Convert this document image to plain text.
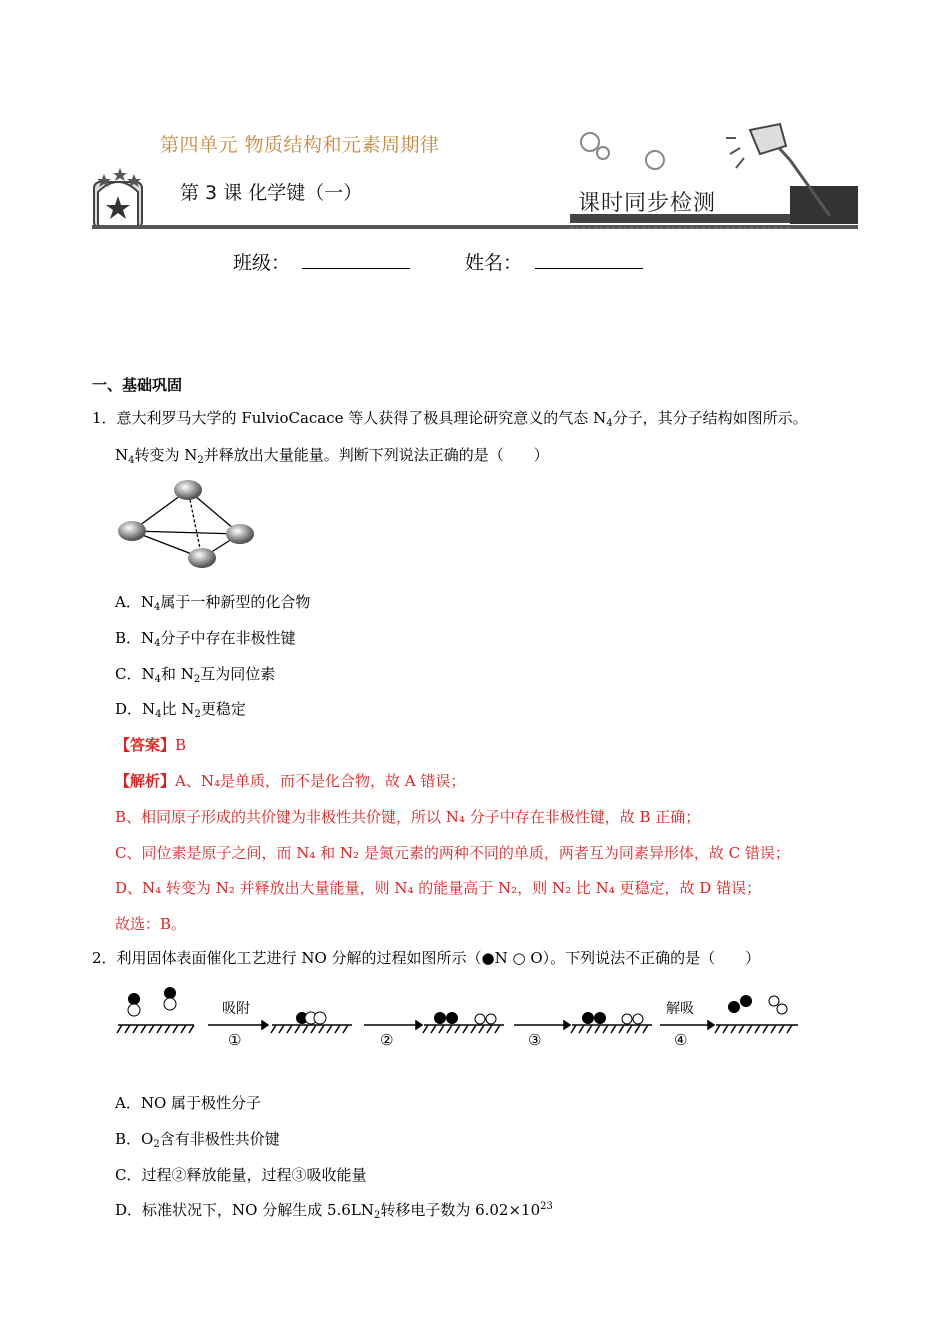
第四单元 物质结构和元素周期律
第 3 课 化学键（一）	课时同步检测
班级：	姓名：
一、基础巩固
1．意大利罗马大学的 FulvioCacace 等人获得了极具理论研究意义的气态 $N_4$分子，其分子结构如图所示。
$N_4$转变为 $N_2$并释放出大量能量。判断下列说法正确的是（　　）
A．$N_4$属于一种新型的化合物
B．$N_4$分子中存在非极性键
C．$N_4$和 $N_2$互为同位素
D．$N_4$比 $N_2$更稳定
【答案】B
【解析】A、N₄是单质，而不是化合物，故 A 错误；
B、相同原子形成的共价键为非极性共价键，所以 N₄ 分子中存在非极性键，故 B 正确；
C、同位素是原子之间，而 N₄ 和 N₂ 是氮元素的两种不同的单质，两者互为同素异形体，故 C 错误；
D、N₄ 转变为 N₂ 并释放出大量能量，则 N₄ 的能量高于 N₂，则 N₂ 比 N₄ 更稳定，故 D 错误；
故选：B。
2．利用固体表面催化工艺进行 NO 分解的过程如图所示（●N ○ O）。下列说法不正确的是（　　）
吸附
①	②	③
解吸
④
A．NO 属于极性分子
B．$O_2$含有非极性共价键
C．过程②释放能量，过程③吸收能量
D．标准状况下，NO 分解生成 $5.6LN_2$转移电子数为 $6.02\times 10^{23}$
